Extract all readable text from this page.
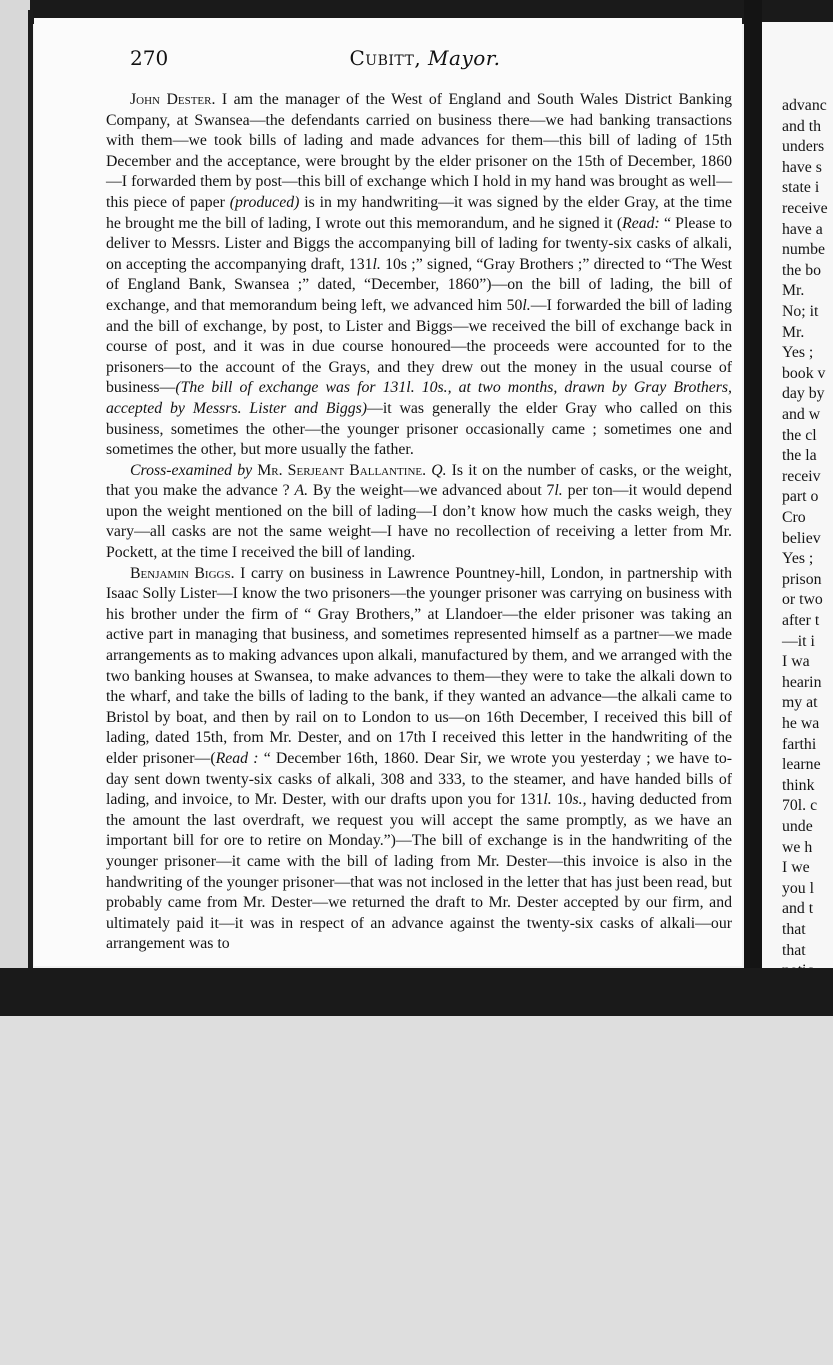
270	Cubitt, Mayor.

John Dester. I am the manager of the West of England and South Wales District Banking Company, at Swansea—the defendants carried on business there—we had banking transactions with them—we took bills of lading and made advances for them—this bill of lading of 15th December and the acceptance, were brought by the elder prisoner on the 15th of December, 1860—I forwarded them by post—this bill of exchange which I hold in my hand was brought as well—this piece of paper (produced) is in my handwriting—it was signed by the elder Gray, at the time he brought me the bill of lading, I wrote out this memorandum, and he signed it (Read: “ Please to deliver to Messrs. Lister and Biggs the accompanying bill of lading for twenty-six casks of alkali, on accepting the accompanying draft, 131l. 10s ;” signed, “Gray Brothers ;” directed to “The West of England Bank, Swansea ;” dated, “December, 1860”)—on the bill of lading, the bill of exchange, and that memorandum being left, we advanced him 50l.—I forwarded the bill of lading and the bill of exchange, by post, to Lister and Biggs—we received the bill of exchange back in course of post, and it was in due course honoured—the proceeds were accounted for to the prisoners—to the account of the Grays, and they drew out the money in the usual course of business—(The bill of exchange was for 131l. 10s., at two months, drawn by Gray Brothers, accepted by Messrs. Lister and Biggs)—it was generally the elder Gray who called on this business, sometimes the other—the younger prisoner occasionally came ; sometimes one and sometimes the other, but more usually the father.

Cross-examined by Mr. Serjeant Ballantine. Q. Is it on the number of casks, or the weight, that you make the advance ? A. By the weight—we advanced about 7l. per ton—it would depend upon the weight mentioned on the bill of lading—I don’t know how much the casks weigh, they vary—all casks are not the same weight—I have no recollection of receiving a letter from Mr. Pockett, at the time I received the bill of landing.

Benjamin Biggs. I carry on business in Lawrence Pountney-hill, London, in partnership with Isaac Solly Lister—I know the two prisoners—the younger prisoner was carrying on business with his brother under the firm of “ Gray Brothers,” at Llandoer—the elder prisoner was taking an active part in managing that business, and sometimes represented himself as a partner—we made arrangements as to making advances upon alkali, manufactured by them, and we arranged with the two banking houses at Swansea, to make advances to them—they were to take the alkali down to the wharf, and take the bills of lading to the bank, if they wanted an advance—the alkali came to Bristol by boat, and then by rail on to London to us—on 16th December, I received this bill of lading, dated 15th, from Mr. Dester, and on 17th I received this letter in the handwriting of the elder prisoner—(Read : “ December 16th, 1860. Dear Sir, we wrote you yesterday ; we have to-day sent down twenty-six casks of alkali, 308 and 333, to the steamer, and have handed bills of lading, and invoice, to Mr. Dester, with our drafts upon you for 131l. 10s., having deducted from the amount the last overdraft, we request you will accept the same promptly, as we have an important bill for ore to retire on Monday.”)—The bill of exchange is in the handwriting of the younger prisoner—it came with the bill of lading from Mr. Dester—this invoice is also in the handwriting of the younger prisoner—that was not inclosed in the letter that has just been read, but probably came from Mr. Dester—we returned the draft to Mr. Dester accepted by our firm, and ultimately paid it—it was in respect of an advance against the twenty-six casks of alkali—our arrangement was to

advanc
and th
unders
have s
state i
receive
have a
numbe
the bo
Mr.
No; it
Mr.
Yes ;
book v
day by
and w
the cl
the la
receiv
part o
Cro
believ
Yes ;
prison
or two
after t
—it i
I wa
hearin
my at
he wa
farthi
learne
think
70l. c
unde
we h
I we
you l
and t
that
that
